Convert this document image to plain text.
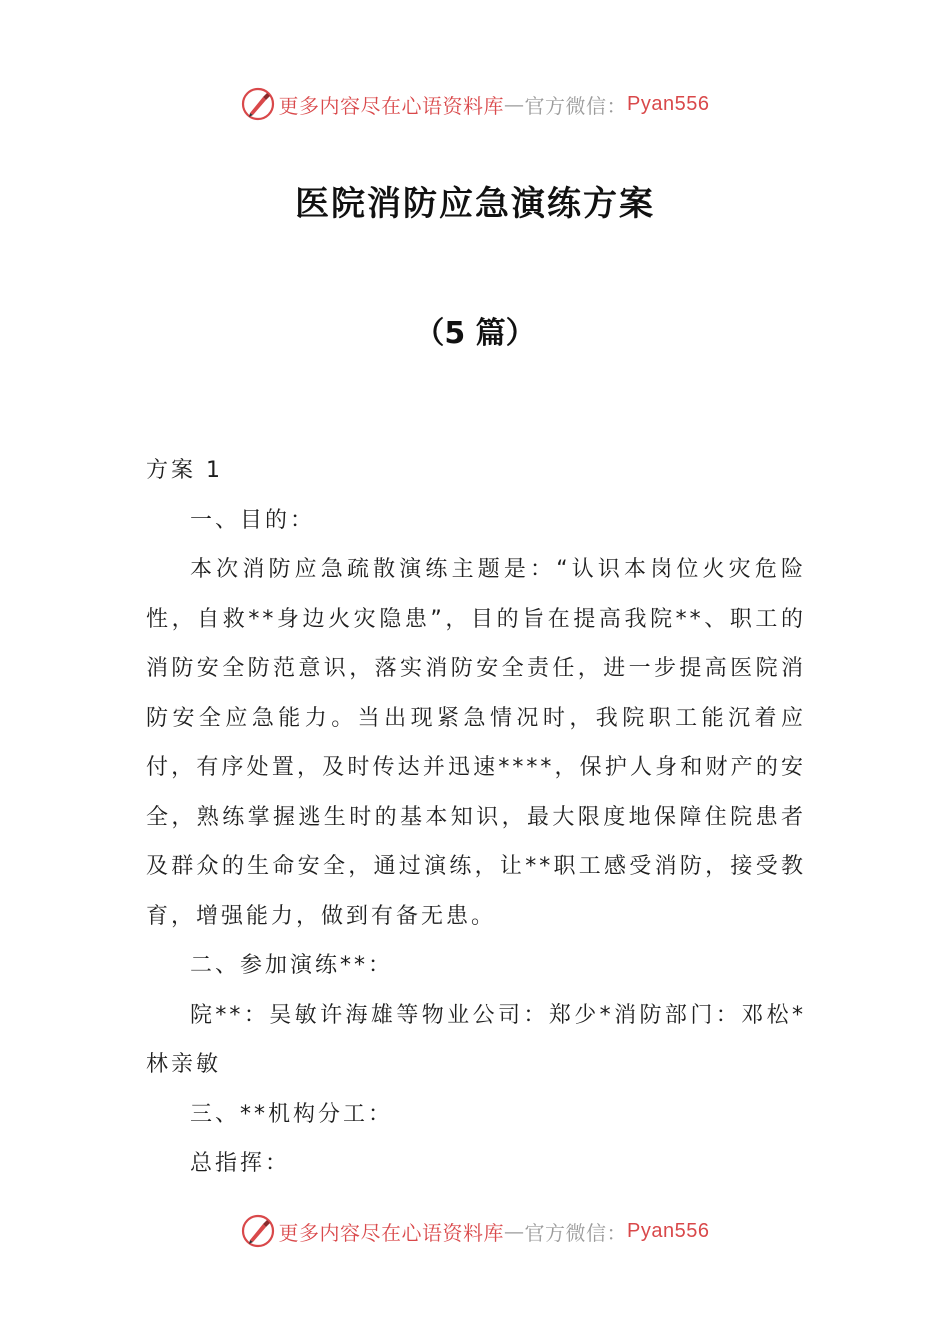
更多内容尽在心语资料库 — 官方微信： Pyan556
医院消防应急演练方案
（5 篇）

方案 1

一、目的：

本次消防应急疏散演练主题是：“认识本岗位火灾危险性，自救**身边火灾隐患”，目的旨在提高我院**、职工的消防安全防范意识，落实消防安全责任，进一步提高医院消防安全应急能力。当出现紧急情况时，我院职工能沉着应付，有序处置，及时传达并迅速****，保护人身和财产的安全，熟练掌握逃生时的基本知识，最大限度地保障住院患者及群众的生命安全，通过演练，让**职工感受消防，接受教育，增强能力，做到有备无患。

二、参加演练**：

院**：吴敏许海雄等物业公司：郑少*消防部门：邓松*林亲敏

三、**机构分工：

总指挥：

更多内容尽在心语资料库 — 官方微信： Pyan556
